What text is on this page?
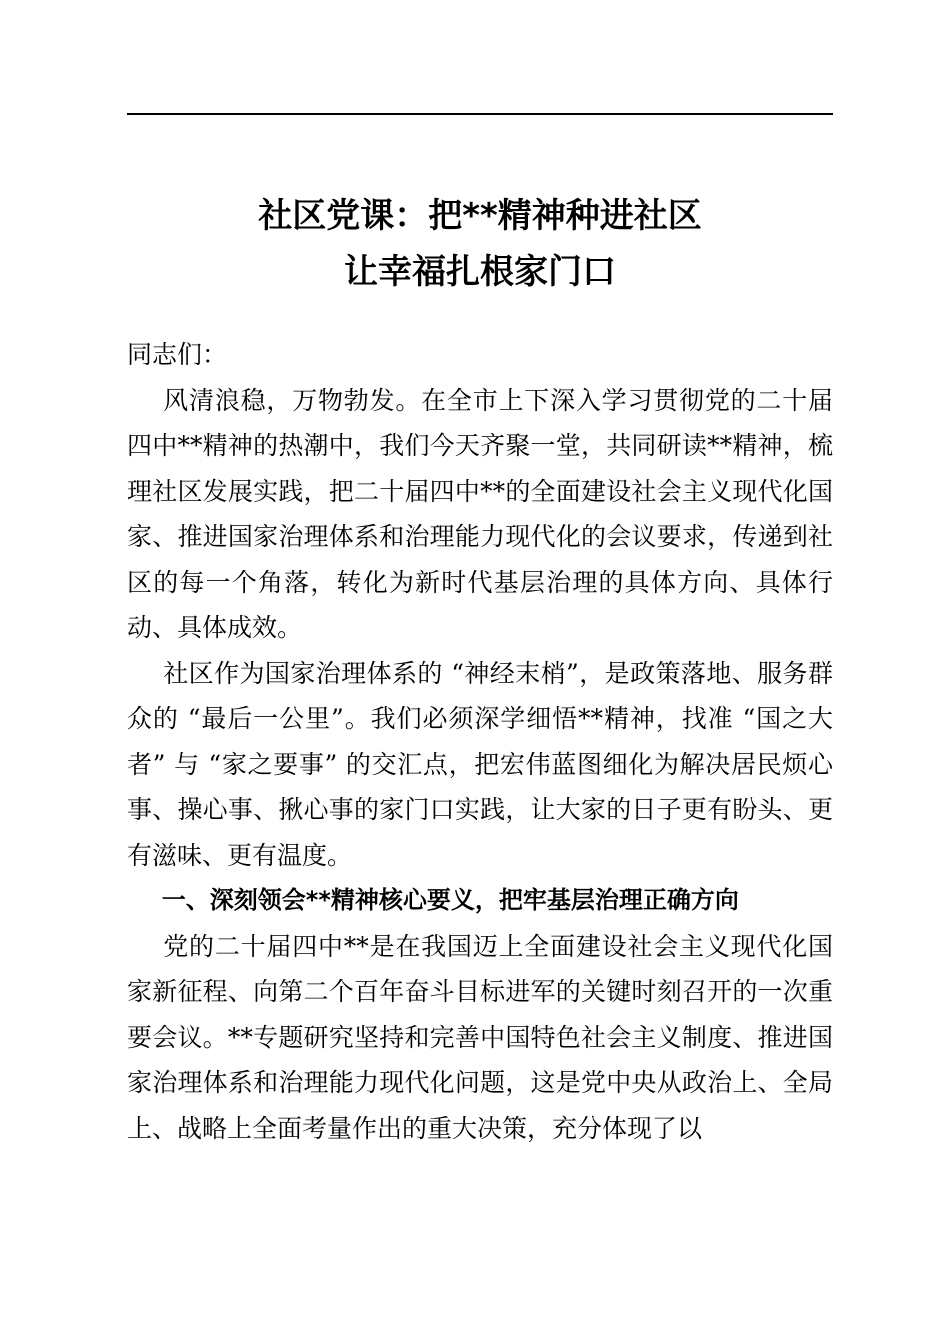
社区党课：把**精神种进社区
让幸福扎根家门口

同志们：

风清浪稳，万物勃发。在全市上下深入学习贯彻党的二十届四中**精神的热潮中，我们今天齐聚一堂，共同研读**精神，梳理社区发展实践，把二十届四中**的全面建设社会主义现代化国家、推进国家治理体系和治理能力现代化的会议要求，传递到社区的每一个角落，转化为新时代基层治理的具体方向、具体行动、具体成效。

社区作为国家治理体系的 “神经末梢”，是政策落地、服务群众的 “最后一公里”。我们必须深学细悟**精神，找准 “国之大者” 与 “家之要事” 的交汇点，把宏伟蓝图细化为解决居民烦心事、操心事、揪心事的家门口实践，让大家的日子更有盼头、更有滋味、更有温度。

一、深刻领会**精神核心要义，把牢基层治理正确方向

党的二十届四中**是在我国迈上全面建设社会主义现代化国家新征程、向第二个百年奋斗目标进军的关键时刻召开的一次重要会议。**专题研究坚持和完善中国特色社会主义制度、推进国家治理体系和治理能力现代化问题，这是党中央从政治上、全局上、战略上全面考量作出的重大决策，充分体现了以
